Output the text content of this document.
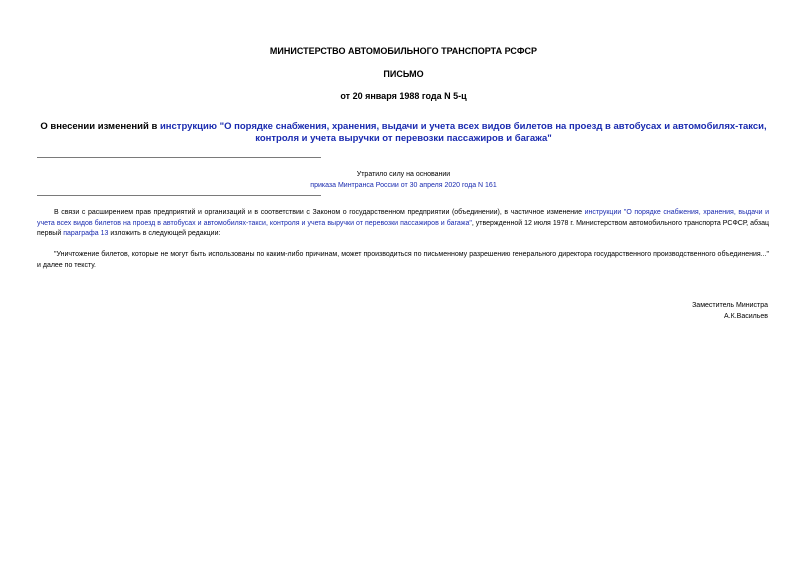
МИНИСТЕРСТВО АВТОМОБИЛЬНОГО ТРАНСПОРТА РСФСР
ПИСЬМО
от 20 января 1988 года N 5-ц
О внесении изменений в инструкцию "О порядке снабжения, хранения, выдачи и учета всех видов билетов на проезд в автобусах и автомобилях-такси, контроля и учета выручки от перевозки пассажиров и багажа"
Утратило силу на основании
приказа Минтранса России от 30 апреля 2020 года N 161
В связи с расширением прав предприятий и организаций и в соответствии с Законом о государственном предприятии (объединении), в частичное изменение инструкции "О порядке снабжения, хранения, выдачи и учета всех видов билетов на проезд в автобусах и автомобилях-такси, контроля и учета выручки от перевозки пассажиров и багажа", утвержденной 12 июля 1978 г. Министерством автомобильного транспорта РСФСР, абзац первый параграфа 13 изложить в следующей редакции:
"Уничтожение билетов, которые не могут быть использованы по каким-либо причинам, может производиться по письменному разрешению генерального директора государственного производственного объединения..." и далее по тексту.
Заместитель Министра
А.К.Васильев
